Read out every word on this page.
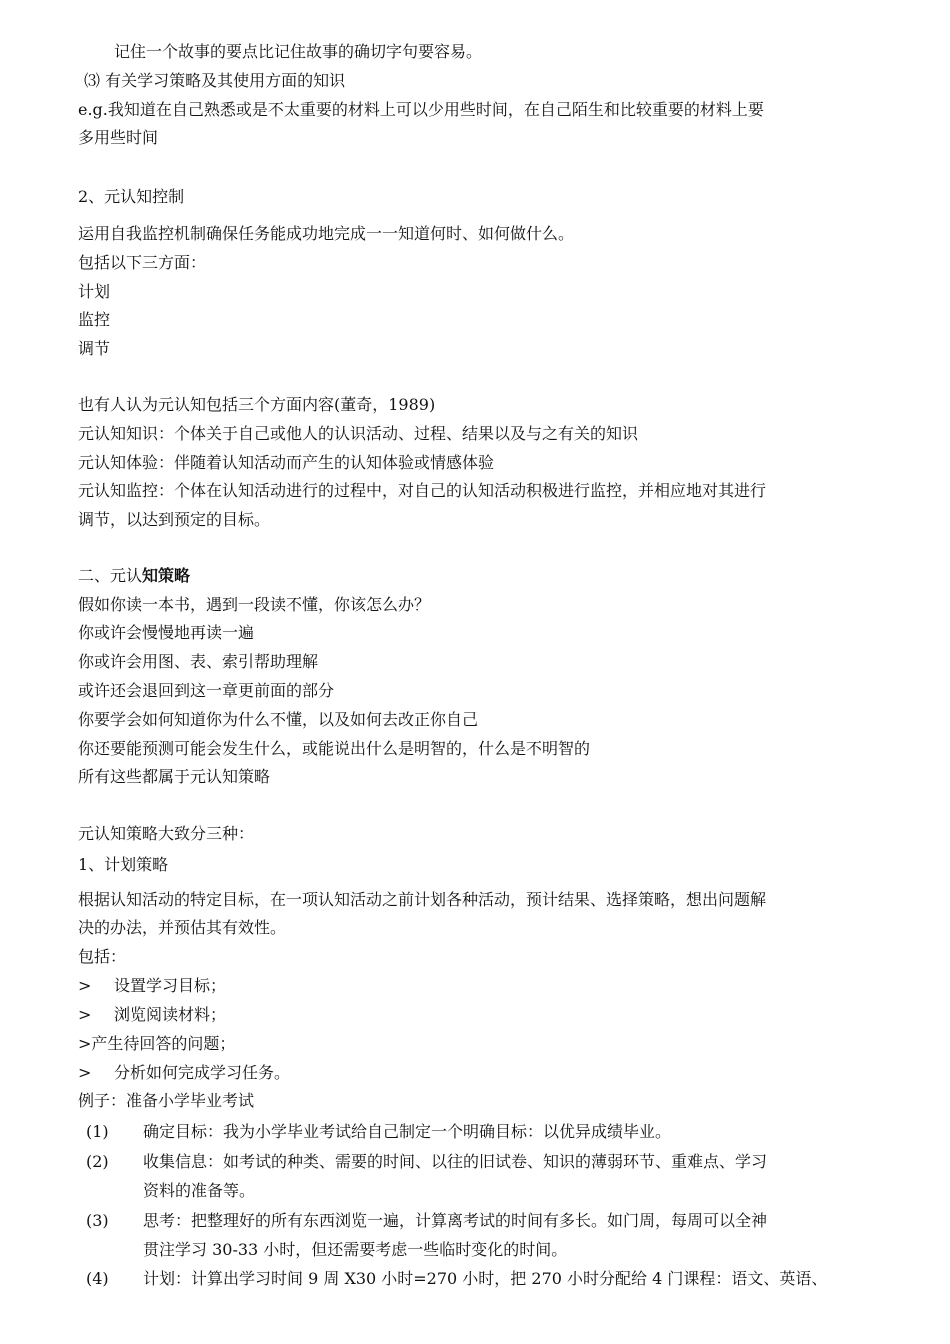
记住一个故事的要点比记住故事的确切字句要容易。
⑶ 有关学习策略及其使用方面的知识
e.g.我知道在自己熟悉或是不太重要的材料上可以少用些时间，在自己陌生和比较重要的材料上要
多用些时间
2、元认知控制
运用自我监控机制确保任务能成功地完成一一知道何时、如何做什么。
包括以下三方面：
计划
监控
调节
也有人认为元认知包括三个方面内容(董奇，1989)
元认知知识：个体关于自己或他人的认识活动、过程、结果以及与之有关的知识
元认知体验：伴随着认知活动而产生的认知体验或情感体验
元认知监控：个体在认知活动进行的过程中，对自己的认知活动积极进行监控，并相应地对其进行
调节，以达到预定的目标。
二、元认知策略
假如你读一本书，遇到一段读不懂，你该怎么办？
你或许会慢慢地再读一遍
你或许会用图、表、索引帮助理解
或许还会退回到这一章更前面的部分
你要学会如何知道你为什么不懂，以及如何去改正你自己
你还要能预测可能会发生什么，或能说出什么是明智的，什么是不明智的
所有这些都属于元认知策略
元认知策略大致分三种：
1、计划策略
根据认知活动的特定目标，在一项认知活动之前计划各种活动，预计结果、选择策略，想出问题解
决的办法，并预估其有效性。
包括：
> 设置学习目标；
> 浏览阅读材料；
>产生待回答的问题；
> 分析如何完成学习任务。
例子：准备小学毕业考试
(1) 确定目标：我为小学毕业考试给自己制定一个明确目标：以优异成绩毕业。
(2) 收集信息：如考试的种类、需要的时间、以往的旧试卷、知识的薄弱环节、重难点、学习
资料的准备等。
(3) 思考：把整理好的所有东西浏览一遍，计算离考试的时间有多长。如门周，每周可以全神
贯注学习 30-33 小时，但还需要考虑一些临时变化的时间。
(4) 计划：计算出学习时间 9 周 X30 小时=270 小时，把 270 小时分配给 4 门课程：语文、英语、
